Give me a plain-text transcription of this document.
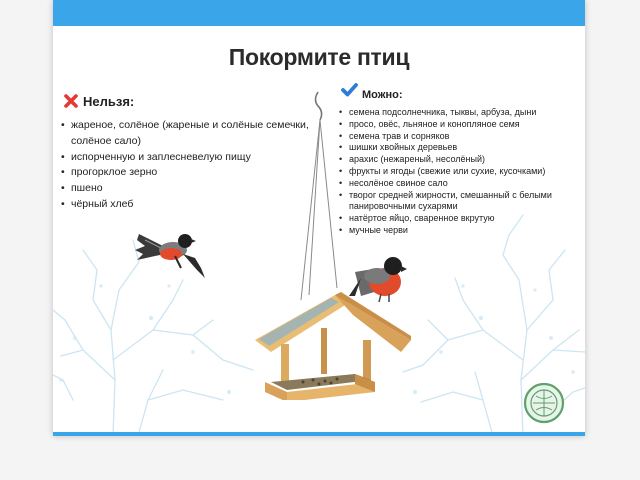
Покормите птиц
Нельзя:
• жареное, солёное (жареные и солёные семечки, солёное сало)
• испорченную и заплесневелую пищу
• прогорклое зерно
• пшено
• чёрный хлеб
Можно:
• семена подсолнечника, тыквы, арбуза, дыни
• просо, овёс, льняное и конопляное семя
• семена трав и сорняков
• шишки хвойных деревьев
• арахис (нежареный, несолёный)
• фрукты и ягоды (свежие или сухие, кусочками)
• несолёное свиное сало
• творог средней жирности, смешанный с белыми панировочными сухарями
• натёртое яйцо, сваренное вкрутую
• мучные черви
